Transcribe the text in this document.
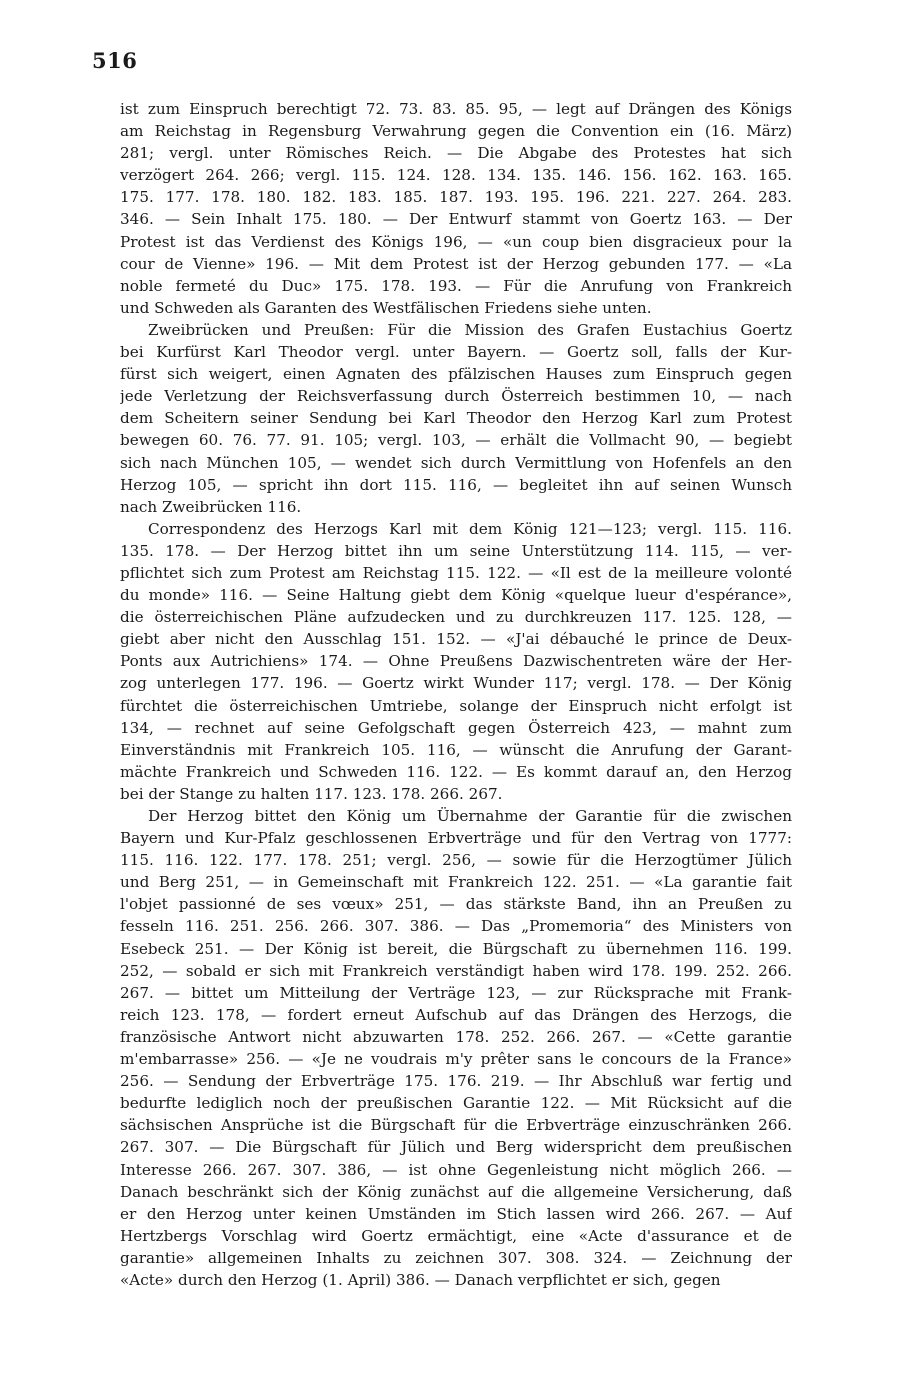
516
ist zum Einspruch berechtigt 72. 73. 83. 85. 95, — legt auf Drängen des Königs
am Reichstag in Regensburg Verwahrung gegen die Convention ein (16. März)
281; vergl. unter Römisches Reich. — Die Abgabe des Protestes hat sich
verzögert 264. 266; vergl. 115. 124. 128. 134. 135. 146. 156. 162. 163. 165.
175. 177. 178. 180. 182. 183. 185. 187. 193. 195. 196. 221. 227. 264. 283.
346. — Sein Inhalt 175. 180. — Der Entwurf stammt von Goertz 163. — Der
Protest ist das Verdienst des Königs 196, — «un coup bien disgracieux pour la
cour de Vienne» 196. — Mit dem Protest ist der Herzog gebunden 177. — «La
noble fermeté du Duc» 175. 178. 193. — Für die Anrufung von Frankreich
und Schweden als Garanten des Westfälischen Friedens siehe unten.
Zweibrücken und Preußen: Für die Mission des Grafen Eustachius Goertz
bei Kurfürst Karl Theodor vergl. unter Bayern. — Goertz soll, falls der Kur-
fürst sich weigert, einen Agnaten des pfälzischen Hauses zum Einspruch gegen
jede Verletzung der Reichsverfassung durch Österreich bestimmen 10, — nach
dem Scheitern seiner Sendung bei Karl Theodor den Herzog Karl zum Protest
bewegen 60. 76. 77. 91. 105; vergl. 103, — erhält die Vollmacht 90, — begiebt
sich nach München 105, — wendet sich durch Vermittlung von Hofenfels an den
Herzog 105, — spricht ihn dort 115. 116, — begleitet ihn auf seinen Wunsch
nach Zweibrücken 116.
Correspondenz des Herzogs Karl mit dem König 121—123; vergl. 115. 116.
135. 178. — Der Herzog bittet ihn um seine Unterstützung 114. 115, — ver-
pflichtet sich zum Protest am Reichstag 115. 122. — «Il est de la meilleure volonté
du monde» 116. — Seine Haltung giebt dem König «quelque lueur d'espérance»,
die österreichischen Pläne aufzudecken und zu durchkreuzen 117. 125. 128, —
giebt aber nicht den Ausschlag 151. 152. — «J'ai débauché le prince de Deux-
Ponts aux Autrichiens» 174. — Ohne Preußens Dazwischentreten wäre der Her-
zog unterlegen 177. 196. — Goertz wirkt Wunder 117; vergl. 178. — Der König
fürchtet die österreichischen Umtriebe, solange der Einspruch nicht erfolgt ist
134, — rechnet auf seine Gefolgschaft gegen Österreich 423, — mahnt zum
Einverständnis mit Frankreich 105. 116, — wünscht die Anrufung der Garant-
mächte Frankreich und Schweden 116. 122. — Es kommt darauf an, den Herzog
bei der Stange zu halten 117. 123. 178. 266. 267.
Der Herzog bittet den König um Übernahme der Garantie für die zwischen
Bayern und Kur-Pfalz geschlossenen Erbverträge und für den Vertrag von 1777:
115. 116. 122. 177. 178. 251; vergl. 256, — sowie für die Herzogtümer Jülich
und Berg 251, — in Gemeinschaft mit Frankreich 122. 251. — «La garantie fait
l'objet passionné de ses vœux» 251, — das stärkste Band, ihn an Preußen zu
fesseln 116. 251. 256. 266. 307. 386. — Das „Promemoria“ des Ministers von
Esebeck 251. — Der König ist bereit, die Bürgschaft zu übernehmen 116. 199.
252, — sobald er sich mit Frankreich verständigt haben wird 178. 199. 252. 266.
267. — bittet um Mitteilung der Verträge 123, — zur Rücksprache mit Frank-
reich 123. 178, — fordert erneut Aufschub auf das Drängen des Herzogs, die
französische Antwort nicht abzuwarten 178. 252. 266. 267. — «Cette garantie
m'embarrasse» 256. — «Je ne voudrais m'y prêter sans le concours de la France»
256. — Sendung der Erbverträge 175. 176. 219. — Ihr Abschluß war fertig und
bedurfte lediglich noch der preußischen Garantie 122. — Mit Rücksicht auf die
sächsischen Ansprüche ist die Bürgschaft für die Erbverträge einzuschränken 266.
267. 307. — Die Bürgschaft für Jülich und Berg widerspricht dem preußischen
Interesse 266. 267. 307. 386, — ist ohne Gegenleistung nicht möglich 266. —
Danach beschränkt sich der König zunächst auf die allgemeine Versicherung, daß
er den Herzog unter keinen Umständen im Stich lassen wird 266. 267. — Auf
Hertzbergs Vorschlag wird Goertz ermächtigt, eine «Acte d'assurance et de
garantie» allgemeinen Inhalts zu zeichnen 307. 308. 324. — Zeichnung der
«Acte» durch den Herzog (1. April) 386. — Danach verpflichtet er sich, gegen
